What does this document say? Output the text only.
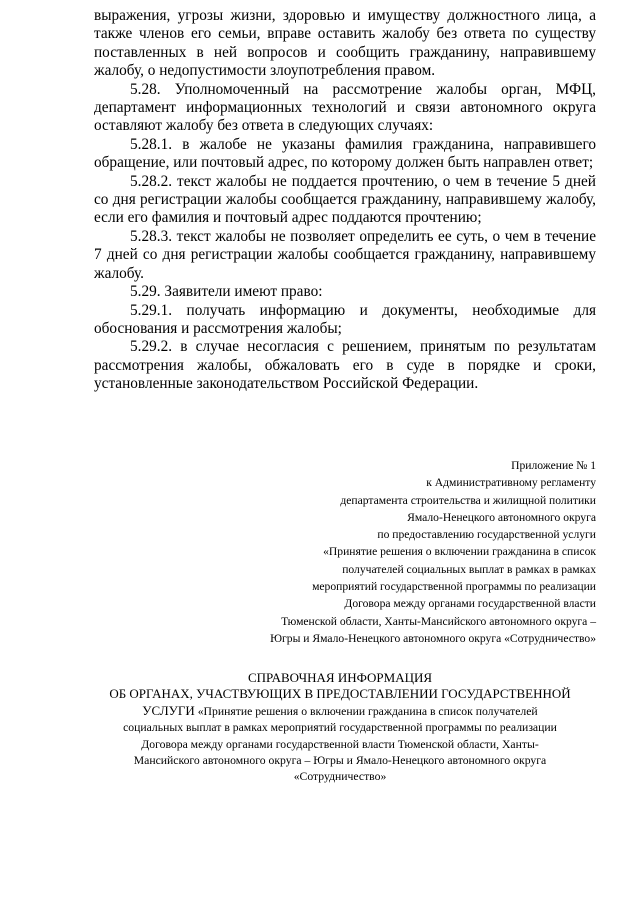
выражения, угрозы жизни, здоровью и имуществу должностного лица, а также членов его семьи, вправе оставить жалобу без ответа по существу поставленных в ней вопросов и сообщить гражданину, направившему жалобу, о недопустимости злоупотребления правом.

5.28. Уполномоченный на рассмотрение жалобы орган, МФЦ, департамент информационных технологий и связи автономного округа оставляют жалобу без ответа в следующих случаях:

5.28.1. в жалобе не указаны фамилия гражданина, направившего обращение, или почтовый адрес, по которому должен быть направлен ответ;

5.28.2. текст жалобы не поддается прочтению, о чем в течение 5 дней со дня регистрации жалобы сообщается гражданину, направившему жалобу, если его фамилия и почтовый адрес поддаются прочтению;

5.28.3. текст жалобы не позволяет определить ее суть, о чем в течение 7 дней со дня регистрации жалобы сообщается гражданину, направившему жалобу.

5.29. Заявители имеют право:

5.29.1. получать информацию и документы, необходимые для обоснования и рассмотрения жалобы;

5.29.2. в случае несогласия с решением, принятым по результатам рассмотрения жалобы, обжаловать его в суде в порядке и сроки, установленные законодательством Российской Федерации.

Приложение № 1
к Административному регламенту
департамента строительства и жилищной политики
Ямало-Ненецкого автономного округа
по предоставлению государственной услуги
«Принятие решения о включении гражданина в список
получателей социальных выплат в рамках в рамках
мероприятий государственной программы по реализации
Договора между органами государственной власти
Тюменской области, Ханты-Мансийского автономного округа –
Югры и Ямало-Ненецкого автономного округа «Сотрудничество»
СПРАВОЧНАЯ ИНФОРМАЦИЯ
ОБ ОРГАНАХ, УЧАСТВУЮЩИХ В ПРЕДОСТАВЛЕНИИ ГОСУДАРСТВЕННОЙ
УСЛУГИ «Принятие решения о включении гражданина в список получателей
социальных выплат в рамках мероприятий государственной программы по реализации
Договора между органами государственной власти Тюменской области, Ханты-
Мансийского автономного округа – Югры и Ямало-Ненецкого автономного округа
«Сотрудничество»
